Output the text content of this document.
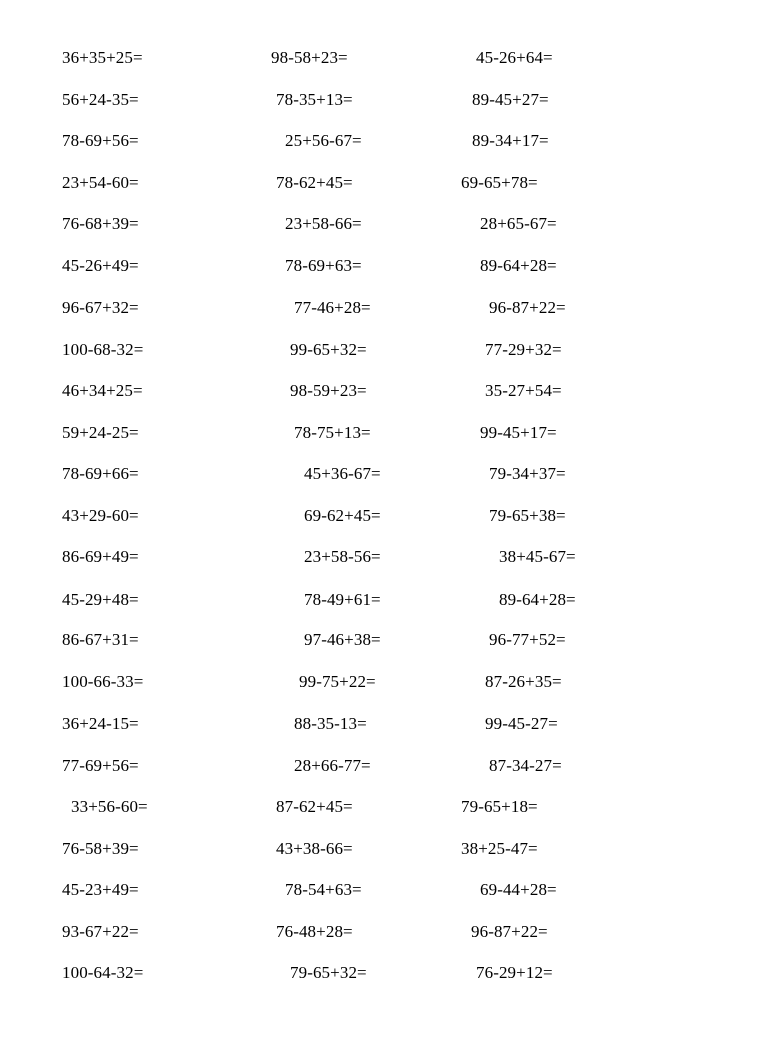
36+35+25=	98-58+23=	45-26+64=
56+24-35=	78-35+13=	89-45+27=
78-69+56=	25+56-67=	89-34+17=
23+54-60=	78-62+45=	69-65+78=
76-68+39=	23+58-66=	28+65-67=
45-26+49=	78-69+63=	89-64+28=
96-67+32=	77-46+28=	96-87+22=
100-68-32=	99-65+32=	77-29+32=
46+34+25=	98-59+23=	35-27+54=
59+24-25=	78-75+13=	99-45+17=
78-69+66=	45+36-67=	79-34+37=
43+29-60=	69-62+45=	79-65+38=
86-69+49=	23+58-56=	38+45-67=
45-29+48=	78-49+61=	89-64+28=
86-67+31=	97-46+38=	96-77+52=
100-66-33=	99-75+22=	87-26+35=
36+24-15=	88-35-13=	99-45-27=
77-69+56=	28+66-77=	87-34-27=
33+56-60=	87-62+45=	79-65+18=
76-58+39=	43+38-66=	38+25-47=
45-23+49=	78-54+63=	69-44+28=
93-67+22=	76-48+28=	96-87+22=
100-64-32=	79-65+32=	76-29+12=
